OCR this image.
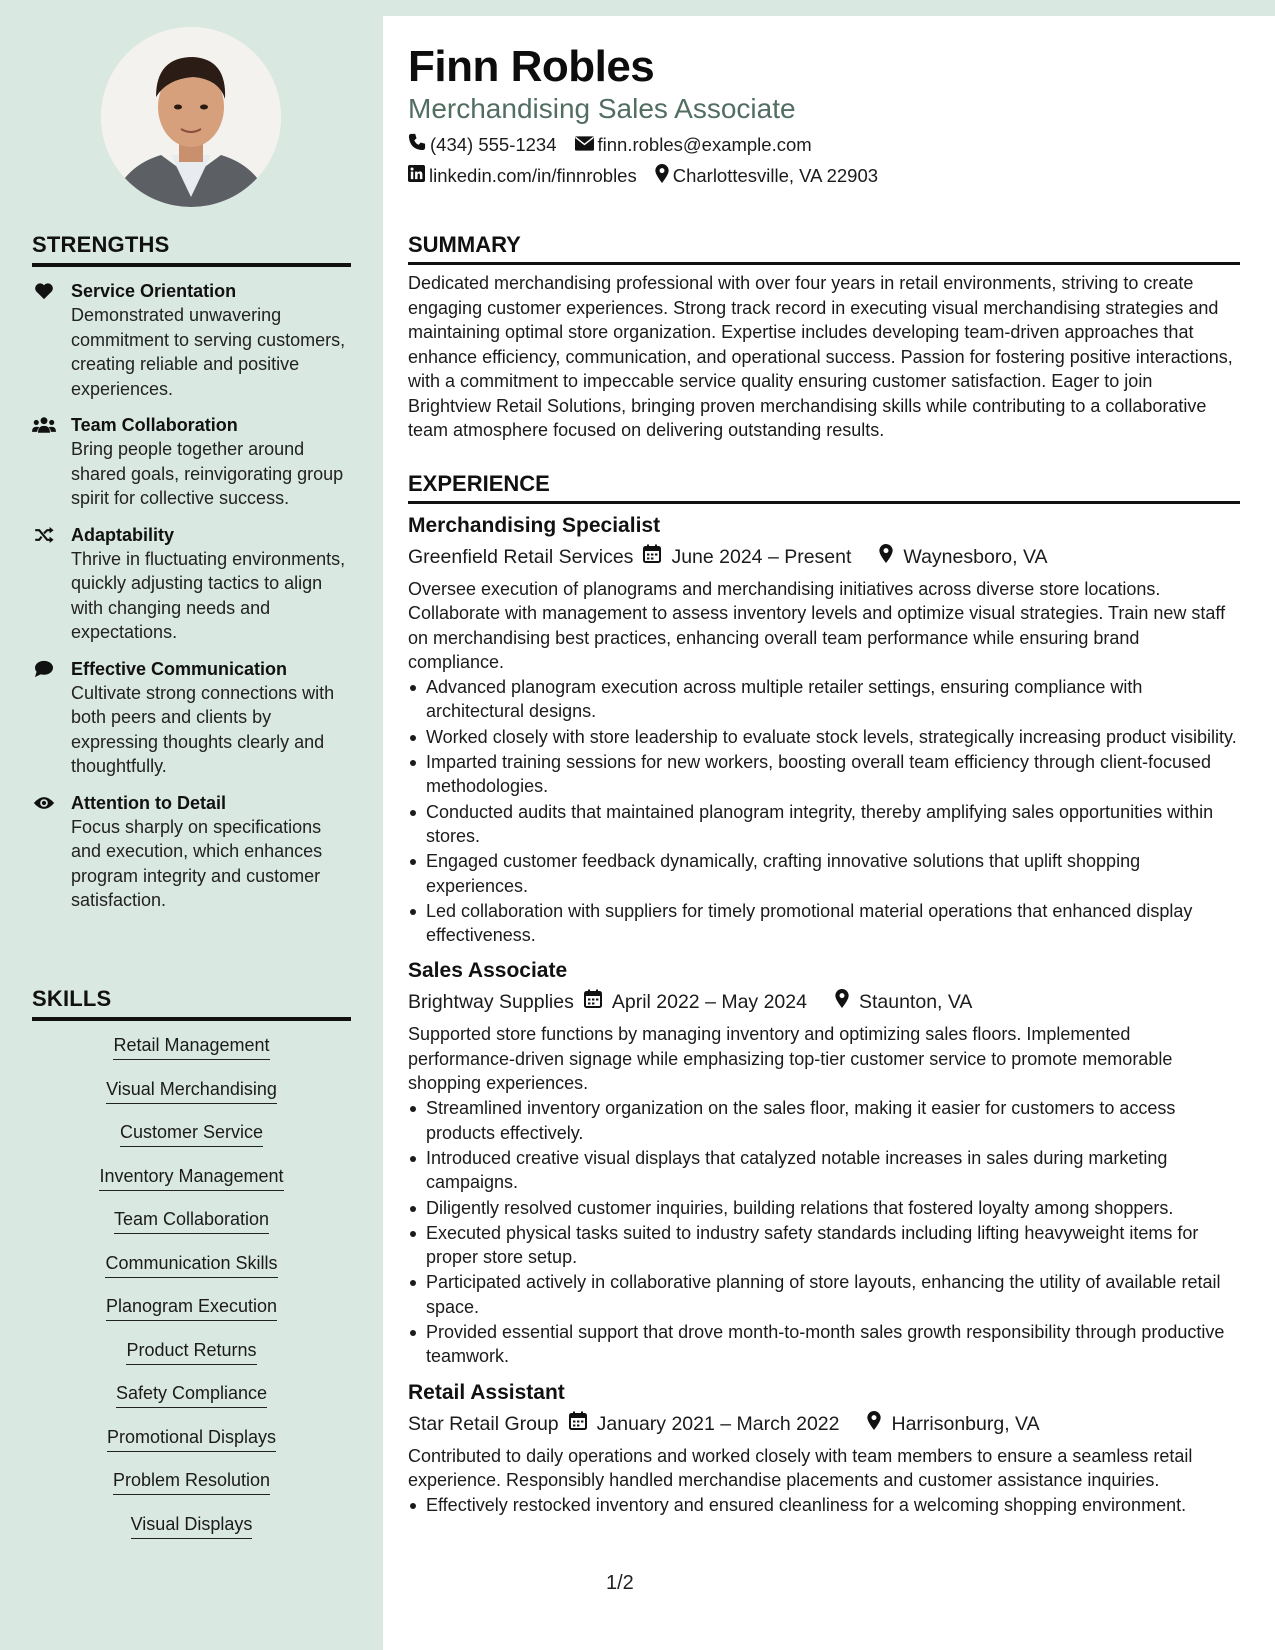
STRENGTHS
Service Orientation
Demonstrated unwavering commitment to serving customers, creating reliable and positive experiences.
Team Collaboration
Bring people together around shared goals, reinvigorating group spirit for collective success.
Adaptability
Thrive in fluctuating environments, quickly adjusting tactics to align with changing needs and expectations.
Effective Communication
Cultivate strong connections with both peers and clients by expressing thoughts clearly and thoughtfully.
Attention to Detail
Focus sharply on specifications and execution, which enhances program integrity and customer satisfaction.
SKILLS
Retail Management
Visual Merchandising
Customer Service
Inventory Management
Team Collaboration
Communication Skills
Planogram Execution
Product Returns
Safety Compliance
Promotional Displays
Problem Resolution
Visual Displays
Finn Robles
Merchandising Sales Associate
(434) 555-1234 finn.robles@example.com
linkedin.com/in/finnrobles Charlottesville, VA 22903
SUMMARY
Dedicated merchandising professional with over four years in retail environments, striving to create engaging customer experiences. Strong track record in executing visual merchandising strategies and maintaining optimal store organization. Expertise includes developing team-driven approaches that enhance efficiency, communication, and operational success. Passion for fostering positive interactions, with a commitment to impeccable service quality ensuring customer satisfaction. Eager to join Brightview Retail Solutions, bringing proven merchandising skills while contributing to a collaborative team atmosphere focused on delivering outstanding results.
EXPERIENCE
Merchandising Specialist
Greenfield Retail Services June 2024 – Present	Waynesboro, VA
Oversee execution of planograms and merchandising initiatives across diverse store locations. Collaborate with management to assess inventory levels and optimize visual strategies. Train new staff on merchandising best practices, enhancing overall team performance while ensuring brand compliance.
Advanced planogram execution across multiple retailer settings, ensuring compliance with architectural designs.
Worked closely with store leadership to evaluate stock levels, strategically increasing product visibility.
Imparted training sessions for new workers, boosting overall team efficiency through client-focused methodologies.
Conducted audits that maintained planogram integrity, thereby amplifying sales opportunities within stores.
Engaged customer feedback dynamically, crafting innovative solutions that uplift shopping experiences.
Led collaboration with suppliers for timely promotional material operations that enhanced display effectiveness.
Sales Associate
Brightway Supplies April 2022 – May 2024	Staunton, VA
Supported store functions by managing inventory and optimizing sales floors. Implemented performance-driven signage while emphasizing top-tier customer service to promote memorable shopping experiences.
Streamlined inventory organization on the sales floor, making it easier for customers to access products effectively.
Introduced creative visual displays that catalyzed notable increases in sales during marketing campaigns.
Diligently resolved customer inquiries, building relations that fostered loyalty among shoppers.
Executed physical tasks suited to industry safety standards including lifting heavyweight items for proper store setup.
Participated actively in collaborative planning of store layouts, enhancing the utility of available retail space.
Provided essential support that drove month-to-month sales growth responsibility through productive teamwork.
Retail Assistant
Star Retail Group January 2021 – March 2022	Harrisonburg, VA
Contributed to daily operations and worked closely with team members to ensure a seamless retail experience. Responsibly handled merchandise placements and customer assistance inquiries.
Effectively restocked inventory and ensured cleanliness for a welcoming shopping environment.
1/2
